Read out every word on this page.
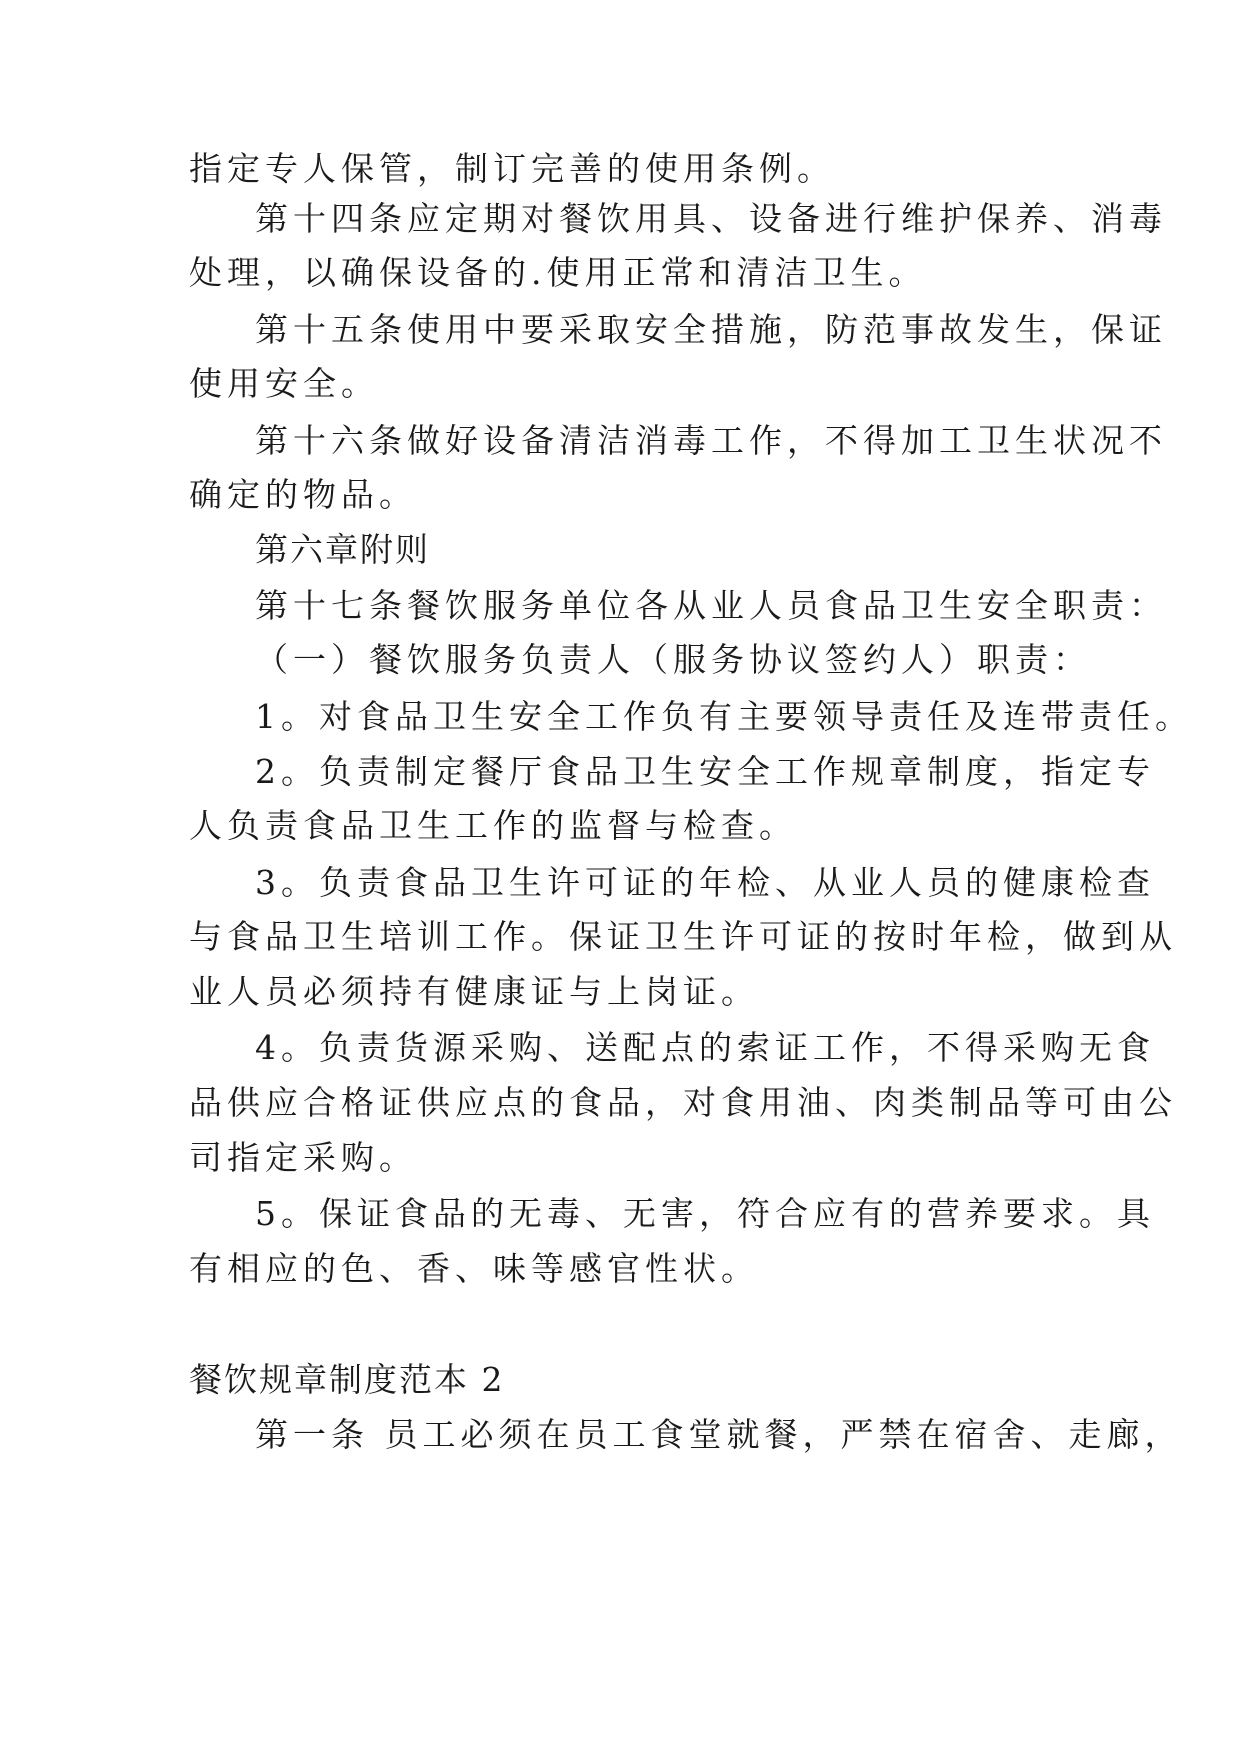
指定专人保管，制订完善的使用条例。
第十四条应定期对餐饮用具、设备进行维护保养、消毒
处理，以确保设备的.使用正常和清洁卫生。
第十五条使用中要采取安全措施，防范事故发生，保证
使用安全。
第十六条做好设备清洁消毒工作，不得加工卫生状况不
确定的物品。
第六章附则
第十七条餐饮服务单位各从业人员食品卫生安全职责：
（一）餐饮服务负责人（服务协议签约人）职责：
1。对食品卫生安全工作负有主要领导责任及连带责任。
2。负责制定餐厅食品卫生安全工作规章制度，指定专
人负责食品卫生工作的监督与检查。
3。负责食品卫生许可证的年检、从业人员的健康检查
与食品卫生培训工作。保证卫生许可证的按时年检，做到从
业人员必须持有健康证与上岗证。
4。负责货源采购、送配点的索证工作，不得采购无食
品供应合格证供应点的食品，对食用油、肉类制品等可由公
司指定采购。
5。保证食品的无毒、无害，符合应有的营养要求。具
有相应的色、香、味等感官性状。
餐饮规章制度范本 2
第一条 员工必须在员工食堂就餐，严禁在宿舍、走廊，
